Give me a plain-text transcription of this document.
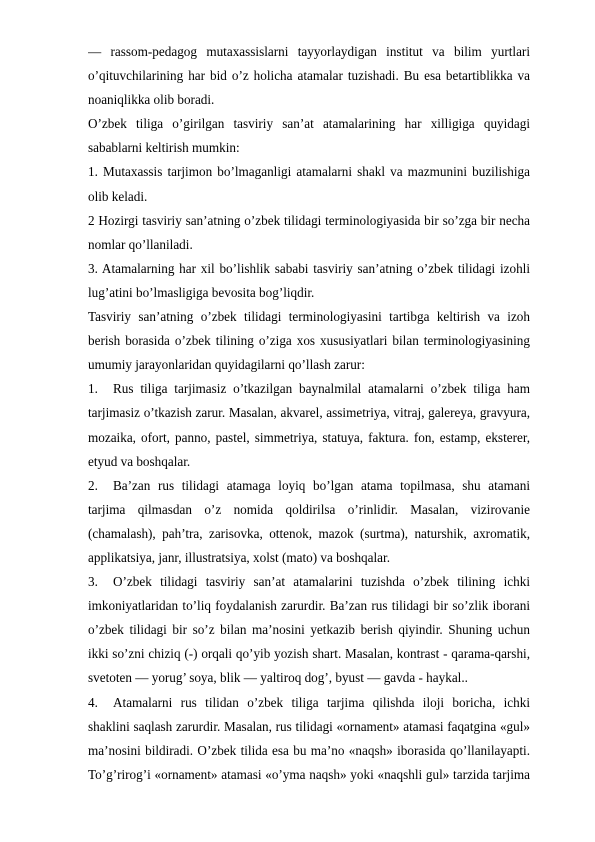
— rassom-pedagog mutaxassislarni tayyorlaydigan institut va bilim yurtlari
o’qituvchilarining har bid o’z holicha atamalar tuzishadi. Bu esa betartiblikka va
noaniqlikka olib boradi.
O’zbek tiliga o’girilgan tasviriy san’at atamalarining har xilligiga quyidagi
sabablarni keltirish mumkin:
1. Mutaxassis tarjimon bo’lmaganligi atamalarni shakl va mazmunini buzilishiga
olib keladi.
2 Hozirgi tasviriy san’atning o’zbek tilidagi terminologiyasida bir so’zga bir necha
nomlar qo’llaniladi.
3. Atamalarning har xil bo’lishlik sababi tasviriy san’atning o’zbek tilidagi izohli
lug’atini bo’lmasligiga bevosita bog’liqdir.
Tasviriy san’atning o’zbek tilidagi terminologiyasini tartibga keltirish va izoh
berish borasida o’zbek tilining o’ziga xos xususiyatlari bilan terminologiyasining
umumiy jarayonlaridan quyidagilarni qo’llash zarur:
1. Rus tiliga tarjimasiz o’tkazilgan baynalmilal atamalarni o’zbek tiliga ham
tarjimasiz o’tkazish zarur. Masalan, akvarel, assimetriya, vitraj, galereya, gravyura,
mozaika, ofort, panno, pastel, simmetriya, statuya, faktura. fon, estamp, eksterer,
etyud va boshqalar.
2. Ba’zan rus tilidagi atamaga loyiq bo’lgan atama topilmasa, shu atamani
tarjima qilmasdan o’z nomida qoldirilsa o’rinlidir. Masalan, vizirovanie
(chamalash), pah’tra, zarisovka, ottenok, mazok (surtma), naturshik, axromatik,
applikatsiya, janr, illustratsiya, xolst (mato) va boshqalar.
3. O’zbek tilidagi tasviriy san’at atamalarini tuzishda o’zbek tilining ichki
imkoniyatlaridan to’liq foydalanish zarurdir. Ba’zan rus tilidagi bir so’zlik iborani
o’zbek tilidagi bir so’z bilan ma’nosini yetkazib berish qiyindir. Shuning uchun
ikki so’zni chiziq (-) orqali qo’yib yozish shart. Masalan, kontrast - qarama-qarshi,
svetoten — yorug’ soya, blik — yaltiroq dog’, byust — gavda - haykal..
4. Atamalarni rus tilidan o’zbek tiliga tarjima qilishda iloji boricha, ichki
shaklini saqlash zarurdir. Masalan, rus tilidagi «ornament» atamasi faqatgina «gul»
ma’nosini bildiradi. O’zbek tilida esa bu ma’no «naqsh» iborasida qo’llanilayapti.
To’g’rirog’i «ornament» atamasi «o’yma naqsh» yoki «naqshli gul» tarzida tarjima
